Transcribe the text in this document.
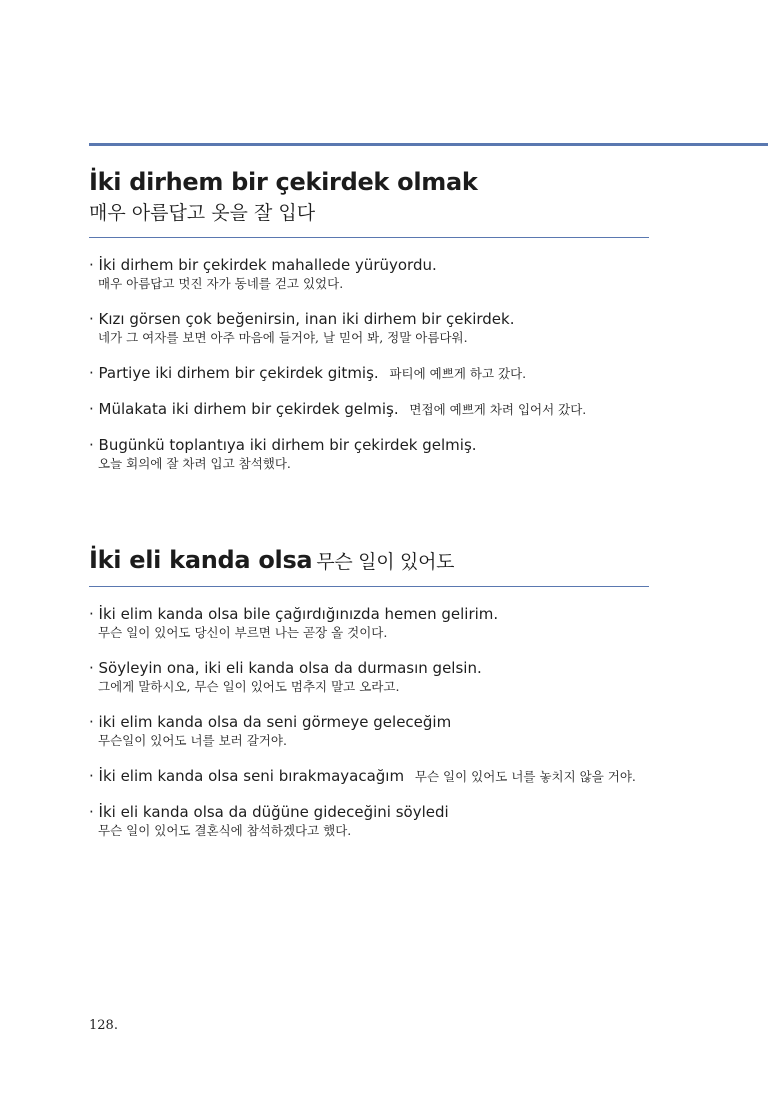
İki dirhem bir çekirdek olmak
매우 아름답고 옷을 잘 입다
· İki dirhem bir çekirdek mahallede yürüyordu.
매우 아름답고 멋진 자가 동네를 걷고 있었다.
· Kızı görsen çok beğenirsin, inan iki dirhem bir çekirdek.
네가 그 여자를 보면 아주 마음에 들거야, 날 믿어 봐, 정말 아름다워.
· Partiye iki dirhem bir çekirdek gitmiş. 파티에 예쁘게 하고 갔다.
· Mülakata iki dirhem bir çekirdek gelmiş. 면접에 예쁘게 차려 입어서 갔다.
· Bugünkü toplantıya iki dirhem bir çekirdek gelmiş.
오늘 회의에 잘 차려 입고 참석했다.
İki eli kanda olsa 무슨 일이 있어도
· İki elim kanda olsa bile çağırdığınızda hemen gelirim.
무슨 일이 있어도 당신이 부르면 나는 곧장 올 것이다.
· Söyleyin ona, iki eli kanda olsa da durmasın gelsin.
그에게 말하시오, 무슨 일이 있어도 멈추지 말고 오라고.
· iki elim kanda olsa da seni görmeye geleceğim
무슨일이 있어도 너를 보러 갈거야.
· İki elim kanda olsa seni bırakmayacağım 무슨 일이 있어도 너를 놓치지 않을 거야.
· İki eli kanda olsa da düğüne gideceğini söyledi
무슨 일이 있어도 결혼식에 참석하겠다고 했다.
128.
